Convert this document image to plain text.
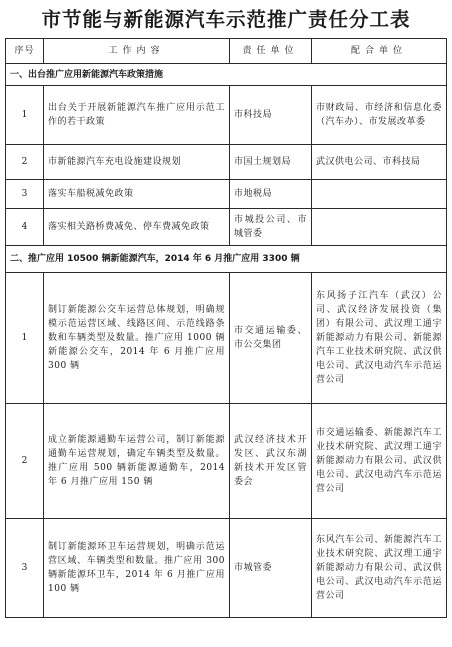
市节能与新能源汽车示范推广责任分工表
序号	工作内容	责任单位	配合单位
一、出台推广应用新能源汽车政策措施			
1	出台关于开展新能源汽车推广应用示范工作的若干政策	市科技局	市财政局、市经济和信息化委（汽车办）、市发展改革委
2	市新能源汽车充电设施建设规划	市国土规划局	武汉供电公司、市科技局
3	落实车船税减免政策	市地税局	
4	落实相关路桥费减免、停车费减免政策	市城投公司、市城管委	
二、推广应用 10500 辆新能源汽车，2014 年 6 月推广应用 3300 辆			
1	制订新能源公交车运营总体规划，明确规模示范运营区域、线路区间、示范线路条数和车辆类型及数量。推广应用 1000 辆新能源公交车，2014 年 6 月推广应用 300 辆	市交通运输委、市公交集团	东风扬子江汽车（武汉）公司、武汉经济发展投资（集团）有限公司、武汉理工通宇新能源动力有限公司、新能源汽车工业技术研究院、武汉供电公司、武汉电动汽车示范运营公司
2	成立新能源通勤车运营公司，制订新能源通勤车运营规划，确定车辆类型及数量。推广应用 500 辆新能源通勤车，2014 年 6 月推广应用 150 辆	武汉经济技术开发区、武汉东湖新技术开发区管委会	市交通运输委、新能源汽车工业技术研究院、武汉理工通宇新能源动力有限公司、武汉供电公司、武汉电动汽车示范运营公司
3	制订新能源环卫车运营规划，明确示范运营区域、车辆类型和数量。推广应用 300 辆新能源环卫车，2014 年 6 月推广应用 100 辆	市城管委	东风汽车公司、新能源汽车工业技术研究院、武汉理工通宇新能源动力有限公司、武汉供电公司、武汉电动汽车示范运营公司
